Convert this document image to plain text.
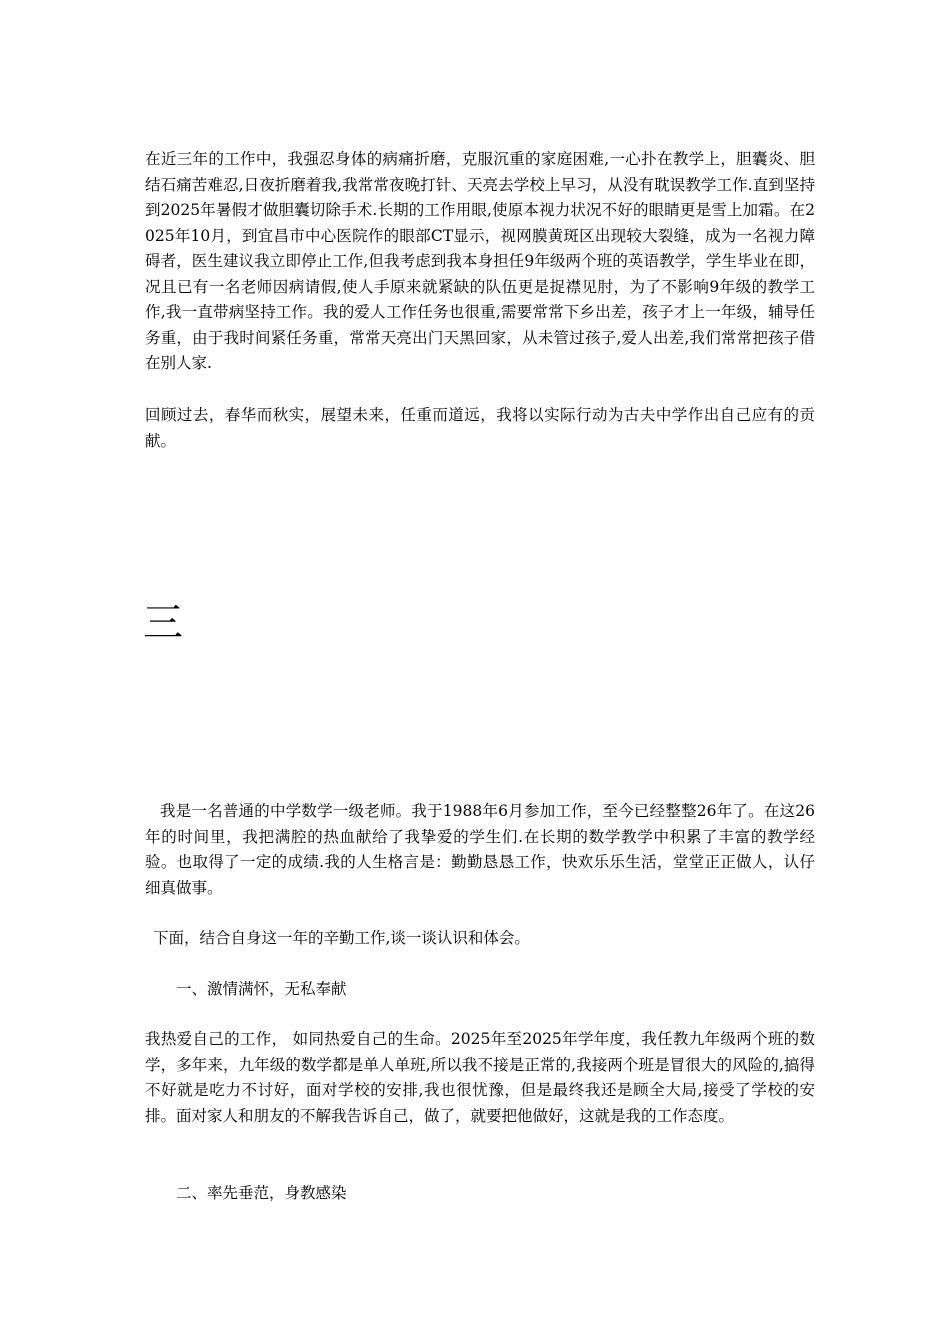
在近三年的工作中，我强忍身体的病痛折磨，克服沉重的家庭困难,一心扑在教学上，胆囊炎、胆结石痛苦难忍,日夜折磨着我,我常常夜晚打针、天亮去学校上早习，从没有耽误教学工作.直到坚持到2025年暑假才做胆囊切除手术.长期的工作用眼,使原本视力状况不好的眼睛更是雪上加霜。在2025年10月，到宜昌市中心医院作的眼部CT显示，视网膜黄斑区出现较大裂缝，成为一名视力障碍者，医生建议我立即停止工作,但我考虑到我本身担任9年级两个班的英语教学，学生毕业在即，况且已有一名老师因病请假,使人手原来就紧缺的队伍更是捉襟见肘，为了不影响9年级的教学工作,我一直带病坚持工作。我的爱人工作任务也很重,需要常常下乡出差，孩子才上一年级，辅导任务重，由于我时间紧任务重，常常天亮出门天黑回家，从未管过孩子,爱人出差,我们常常把孩子借在别人家.

回顾过去，春华而秋实，展望未来，任重而道远，我将以实际行动为古夫中学作出自己应有的贡献。

三

我是一名普通的中学数学一级老师。我于1988年6月参加工作，至今已经整整26年了。在这26年的时间里，我把满腔的热血献给了我挚爱的学生们.在长期的数学教学中积累了丰富的教学经验。也取得了一定的成绩.我的人生格言是：勤勤恳恳工作，快欢乐乐生活，堂堂正正做人，认仔细真做事。

下面，结合自身这一年的辛勤工作,谈一谈认识和体会。

一、激情满怀，无私奉献

我热爱自己的工作， 如同热爱自己的生命。2025年至2025年学年度，我任教九年级两个班的数学，多年来，九年级的数学都是单人单班,所以我不接是正常的,我接两个班是冒很大的风险的,搞得不好就是吃力不讨好，面对学校的安排,我也很忧豫，但是最终我还是顾全大局,接受了学校的安排。面对家人和朋友的不解我告诉自己，做了，就要把他做好，这就是我的工作态度。

二、率先垂范，身教感染
